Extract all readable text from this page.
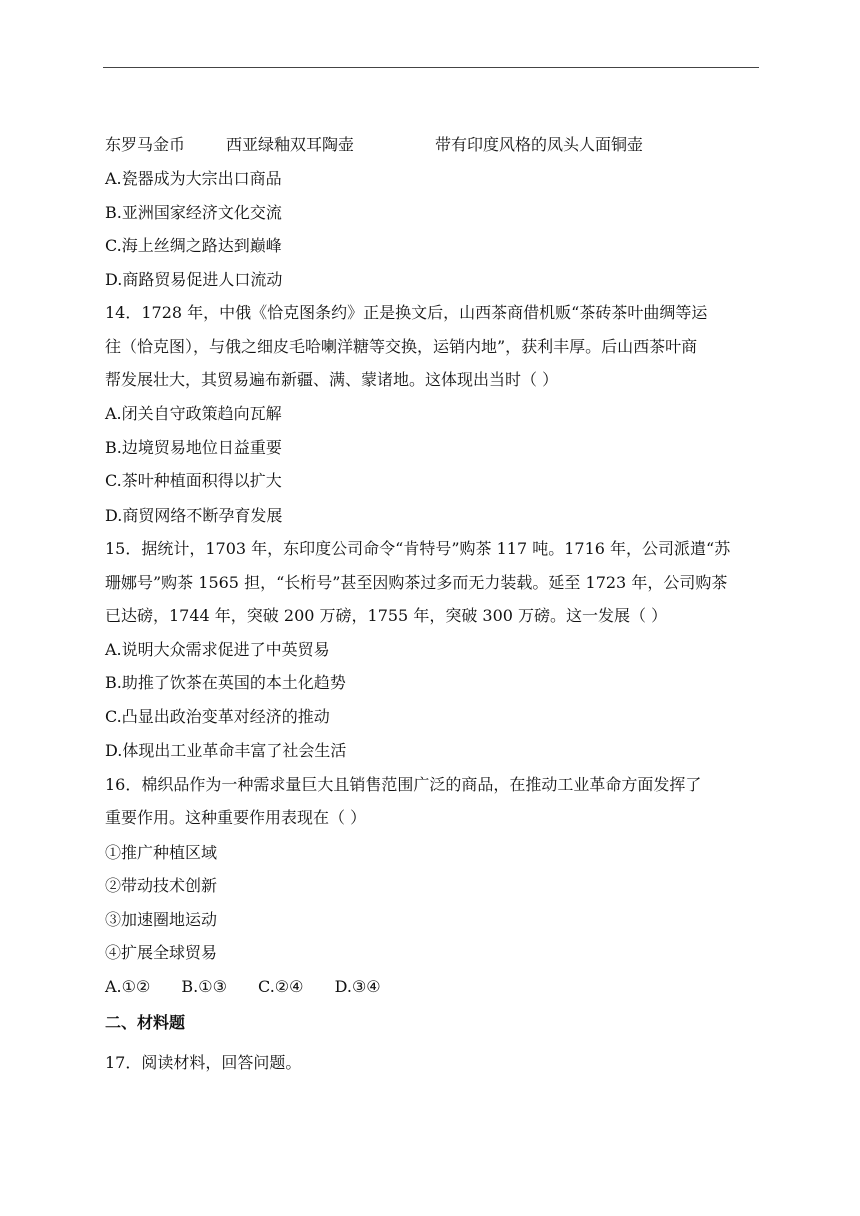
东罗马金币	西亚绿釉双耳陶壶	带有印度风格的凤头人面铜壶
A.瓷器成为大宗出口商品
B.亚洲国家经济文化交流
C.海上丝绸之路达到巅峰
D.商路贸易促进人口流动
14．1728 年，中俄《恰克图条约》正是换文后，山西茶商借机贩“茶砖茶叶曲绸等运
往（恰克图），与俄之细皮毛哈喇洋糖等交换，运销内地”，获利丰厚。后山西茶叶商
帮发展壮大，其贸易遍布新疆、满、蒙诸地。这体现出当时（ ）
A.闭关自守政策趋向瓦解
B.边境贸易地位日益重要
C.茶叶种植面积得以扩大
D.商贸网络不断孕育发展
15．据统计，1703 年，东印度公司命令“肯特号”购茶 117 吨。1716 年，公司派遣“苏
珊娜号”购茶 1565 担，“长桁号”甚至因购茶过多而无力装载。延至 1723 年，公司购茶
已达磅，1744 年，突破 200 万磅，1755 年，突破 300 万磅。这一发展（ ）
A.说明大众需求促进了中英贸易
B.助推了饮茶在英国的本土化趋势
C.凸显出政治变革对经济的推动
D.体现出工业革命丰富了社会生活
16．棉织品作为一种需求量巨大且销售范围广泛的商品，在推动工业革命方面发挥了
重要作用。这种重要作用表现在（ ）
①推广种植区域
②带动技术创新
③加速圈地运动
④扩展全球贸易
A.①② B.①③ C.②④ D.③④
二、材料题
17．阅读材料，回答问题。
